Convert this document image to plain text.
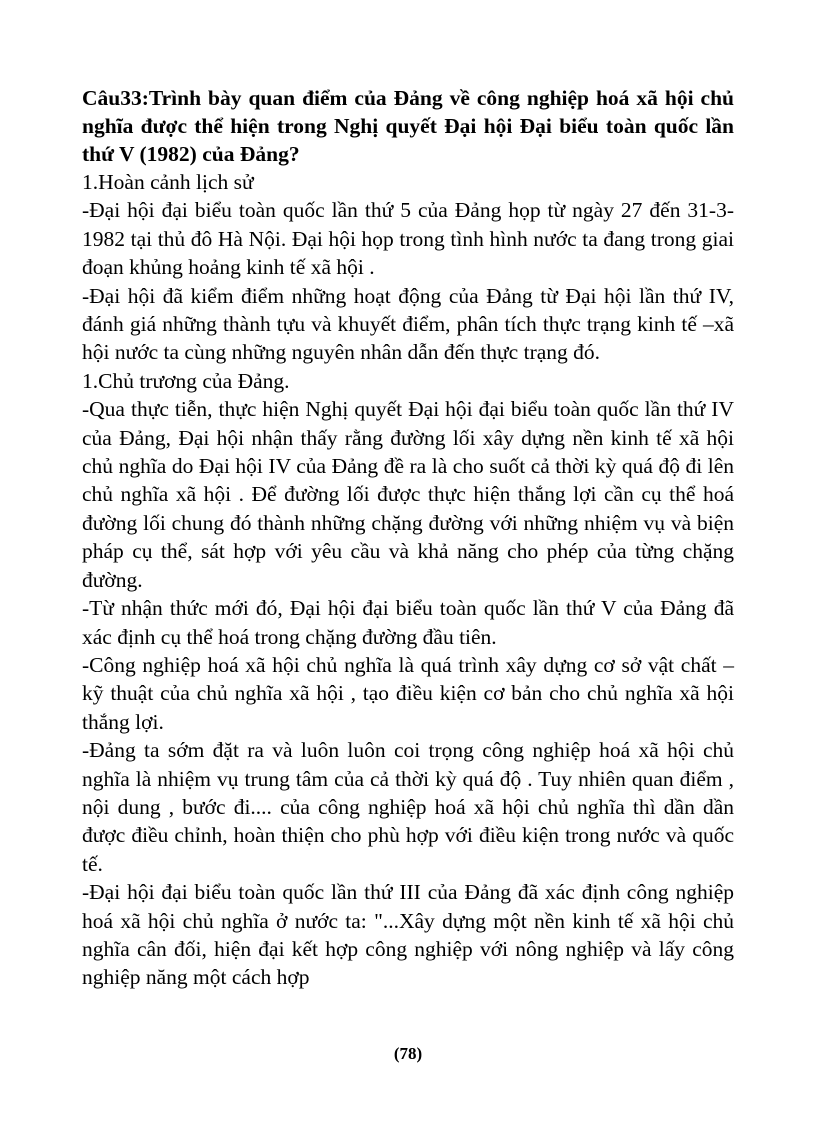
Câu33:Trình bày quan điểm của Đảng về công nghiệp hoá xã hội chủ nghĩa được thể hiện trong Nghị quyết Đại hội Đại biểu toàn quốc lần thứ V (1982) của Đảng?

1.Hoàn cảnh lịch sử

-Đại hội đại biểu toàn quốc lần thứ 5 của Đảng họp từ ngày 27 đến 31-3-1982 tại thủ đô Hà Nội. Đại hội họp trong tình hình nước ta đang trong giai đoạn khủng hoảng kinh tế xã hội .

-Đại hội đã kiểm điểm những hoạt động của Đảng từ Đại hội lần thứ IV, đánh giá những thành tựu và khuyết điểm, phân tích thực trạng kinh tế –xã hội nước ta cùng những nguyên nhân dẫn đến thực trạng đó.

1.Chủ trương của Đảng.

-Qua thực tiễn, thực hiện Nghị quyết Đại hội đại biểu toàn quốc lần thứ IV của Đảng, Đại hội nhận thấy rằng đường lối xây dựng nền kinh tế xã hội chủ nghĩa do Đại hội IV của Đảng đề ra là cho suốt cả thời kỳ quá độ đi lên chủ nghĩa xã hội . Để đường lối được thực hiện thắng lợi cần cụ thể hoá đường lối chung đó thành những chặng đường với những nhiệm vụ và biện pháp cụ thể, sát hợp với yêu cầu và khả năng cho phép của từng chặng đường.

-Từ nhận thức mới đó, Đại hội đại biểu toàn quốc lần thứ V của Đảng đã xác định cụ thể hoá trong chặng đường đầu tiên.

-Công nghiệp hoá xã hội chủ nghĩa là quá trình xây dựng cơ sở vật chất – kỹ thuật của chủ nghĩa xã hội , tạo điều kiện cơ bản cho chủ nghĩa xã hội thắng lợi.

-Đảng ta sớm đặt ra và luôn luôn coi trọng công nghiệp hoá xã hội chủ nghĩa là nhiệm vụ trung tâm của cả thời kỳ quá độ . Tuy nhiên quan điểm , nội dung , bước đi.... của công nghiệp hoá xã hội chủ nghĩa thì dần dần được điều chỉnh, hoàn thiện cho phù hợp với điều kiện trong nước và quốc tế.

-Đại hội đại biểu toàn quốc lần thứ III của Đảng đã xác định công nghiệp hoá xã hội chủ nghĩa ở nước ta: "...Xây dựng một nền kinh tế xã hội chủ nghĩa cân đối, hiện đại kết hợp công nghiệp với nông nghiệp và lấy công nghiệp năng một cách hợp

(78)
